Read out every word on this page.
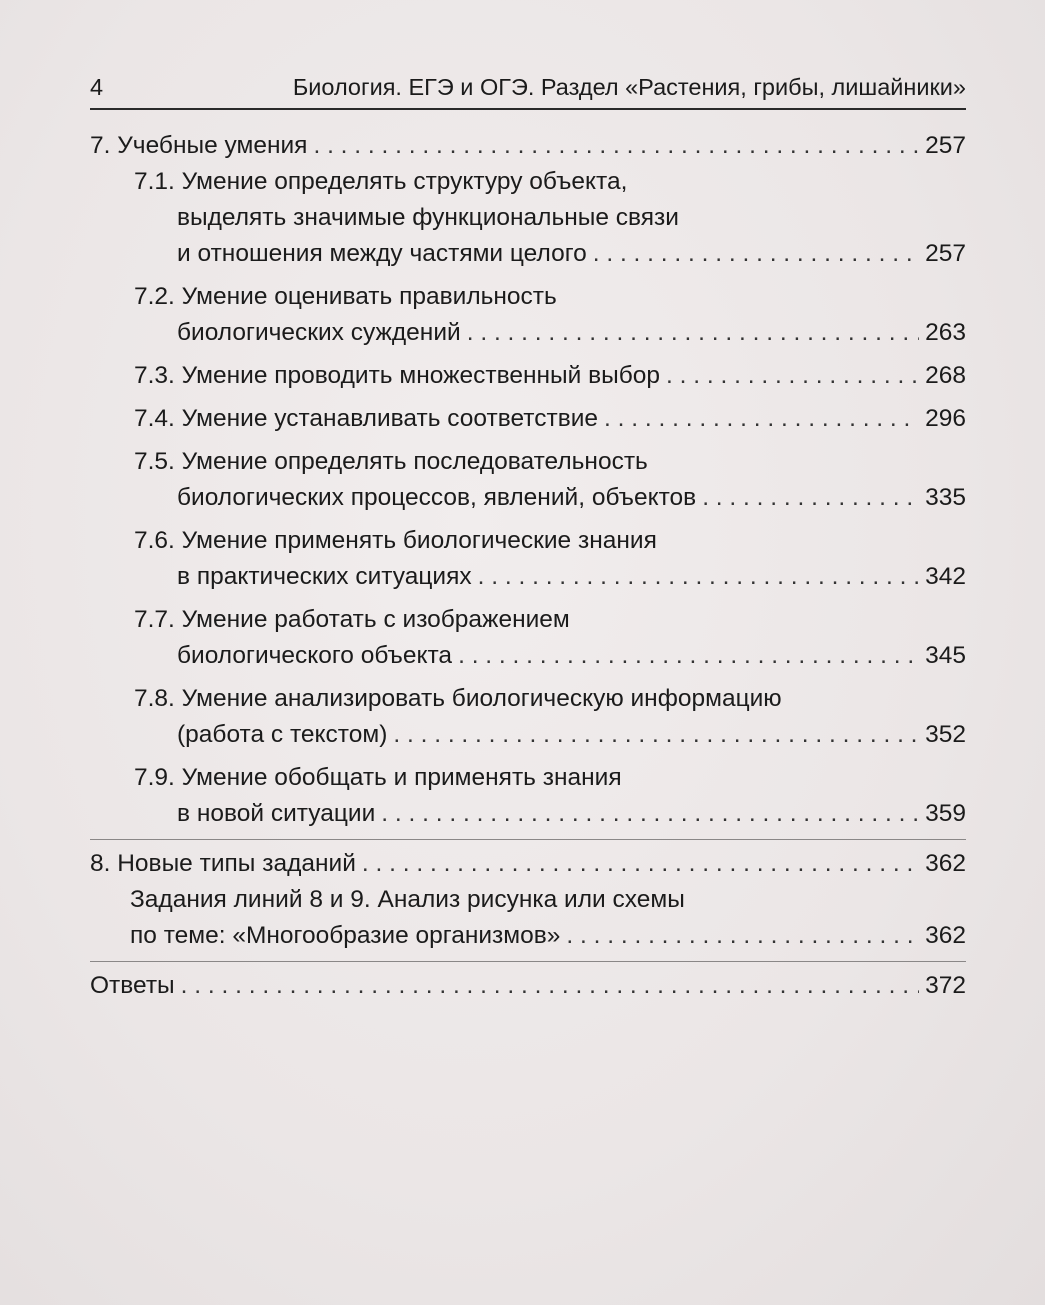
4	Биология. ЕГЭ и ОГЭ. Раздел «Растения, грибы, лишайники»
7. Учебные умения . . .	257
7.1. Умение определять структуру объекта,
выделять значимые функциональные связи
и отношения между частями целого . . .	257
7.2. Умение оценивать правильность
биологических суждений . . .	263
7.3. Умение проводить множественный выбор . . .	268
7.4. Умение устанавливать соответствие . . .	296
7.5. Умение определять последовательность
биологических процессов, явлений, объектов . . .	335
7.6. Умение применять биологические знания
в практических ситуациях . . .	342
7.7. Умение работать с изображением
биологического объекта . . .	345
7.8. Умение анализировать биологическую информацию
(работа с текстом) . . .	352
7.9. Умение обобщать и применять знания
в новой ситуации . . .	359
8. Новые типы заданий . . .	362
Задания линий 8 и 9. Анализ рисунка или схемы
по теме: «Многообразие организмов» . . .	362
Ответы . . .	372
